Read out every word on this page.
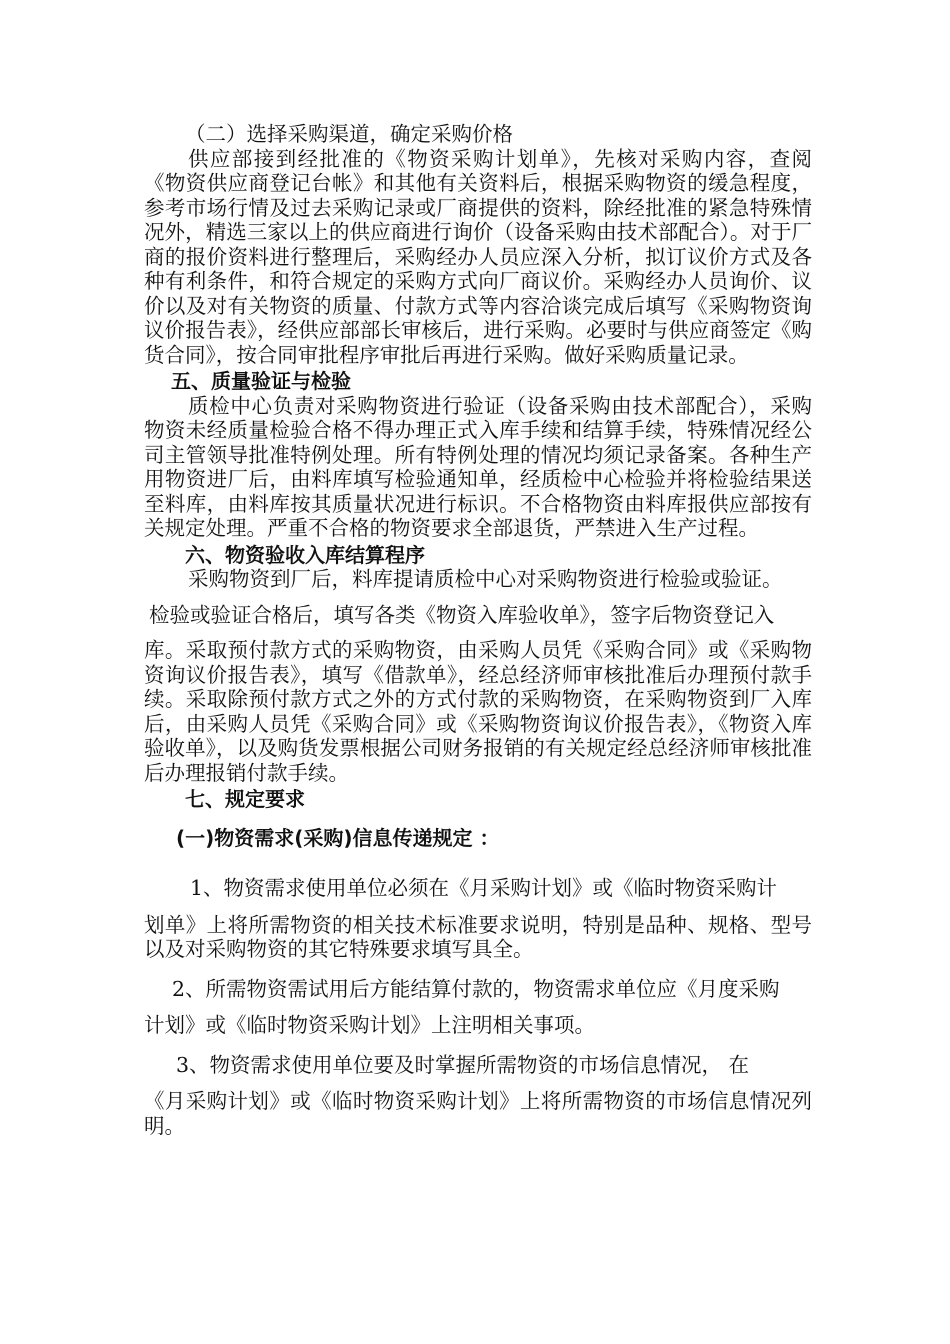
（二）选择采购渠道，确定采购价格

供应部接到经批准的《物资采购计划单》，先核对采购内容，查阅《物资供应商登记台帐》和其他有关资料后，根据采购物资的缓急程度，参考市场行情及过去采购记录或厂商提供的资料，除经批准的紧急特殊情况外，精选三家以上的供应商进行询价（设备采购由技术部配合）。对于厂商的报价资料进行整理后，采购经办人员应深入分析，拟订议价方式及各种有利条件，和符合规定的采购方式向厂商议价。采购经办人员询价、议价以及对有关物资的质量、付款方式等内容洽谈完成后填写《采购物资询议价报告表》，经供应部部长审核后，进行采购。必要时与供应商签定《购货合同》，按合同审批程序审批后再进行采购。做好采购质量记录。

五、质量验证与检验

质检中心负责对采购物资进行验证（设备采购由技术部配合），采购物资未经质量检验合格不得办理正式入库手续和结算手续，特殊情况经公司主管领导批准特例处理。所有特例处理的情况均须记录备案。各种生产用物资进厂后，由料库填写检验通知单，经质检中心检验并将检验结果送至料库，由料库按其质量状况进行标识。不合格物资由料库报供应部按有关规定处理。严重不合格的物资要求全部退货，严禁进入生产过程。

六、物资验收入库结算程序

采购物资到厂后，料库提请质检中心对采购物资进行检验或验证。

检验或验证合格后，填写各类《物资入库验收单》，签字后物资登记入

库。采取预付款方式的采购物资，由采购人员凭《采购合同》或《采购物资询议价报告表》，填写《借款单》，经总经济师审核批准后办理预付款手续。采取除预付款方式之外的方式付款的采购物资，在采购物资到厂入库后，由采购人员凭《采购合同》或《采购物资询议价报告表》，《物资入库验收单》，以及购货发票根据公司财务报销的有关规定经总经济师审核批准后办理报销付款手续。

七、规定要求

(一)物资需求(采购)信息传递规定 ：

1、物资需求使用单位必须在《月采购计划》或《临时物资采购计

划单》上将所需物资的相关技术标准要求说明，特别是品种、规格、型号以及对采购物资的其它特殊要求填写具全。

2、所需物资需试用后方能结算付款的，物资需求单位应《月度采购

计划》或《临时物资采购计划》上注明相关事项。

3、物资需求使用单位要及时掌握所需物资的市场信息情况， 在

《月采购计划》或《临时物资采购计划》上将所需物资的市场信息情况列明。
